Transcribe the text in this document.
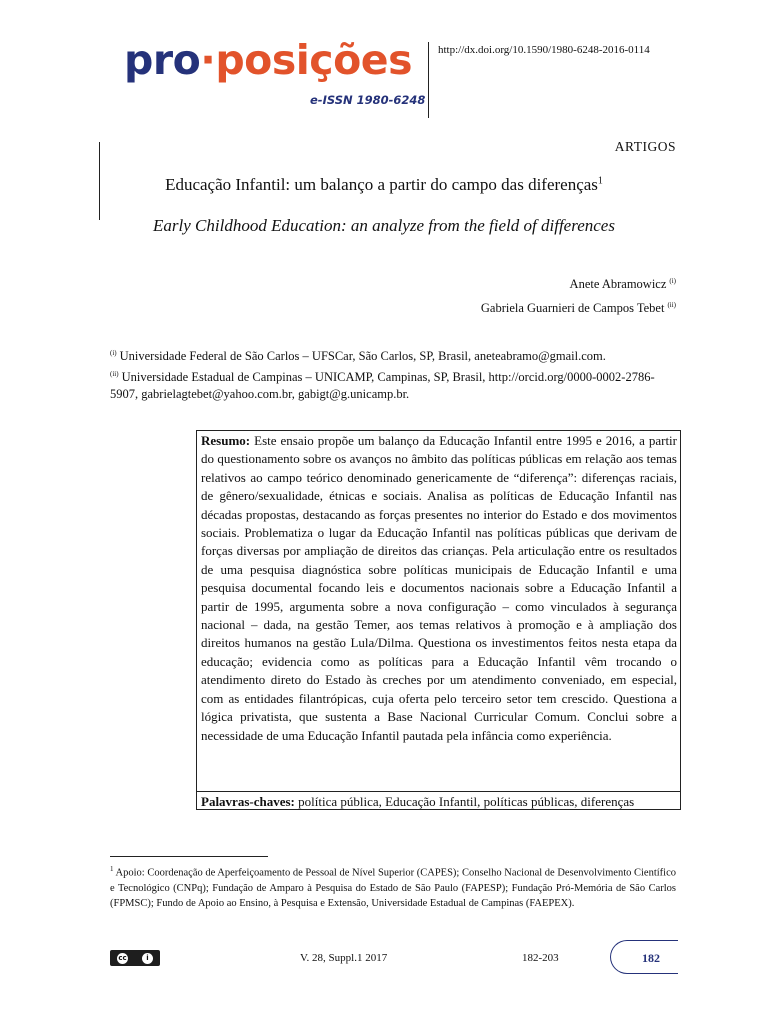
pro·posições
e-ISSN 1980-6248
http://dx.doi.org/10.1590/1980-6248-2016-0114
ARTIGOS
Educação Infantil: um balanço a partir do campo das diferenças$^1$
Early Childhood Education: an analyze from the field of differences
Anete Abramowicz $^{(i)}$
Gabriela Guarnieri de Campos Tebet $^{(ii)}$
$^{(i)}$ Universidade Federal de São Carlos – UFSCar, São Carlos, SP, Brasil, aneteabramo@gmail.com.
$^{(ii)}$ Universidade Estadual de Campinas – UNICAMP, Campinas, SP, Brasil, http://orcid.org/0000-0002-2786-5907, gabrielagtebet@yahoo.com.br, gabigt@g.unicamp.br.
Resumo: Este ensaio propõe um balanço da Educação Infantil entre 1995 e 2016, a partir do questionamento sobre os avanços no âmbito das políticas públicas em relação aos temas relativos ao campo teórico denominado genericamente de “diferença”: diferenças raciais, de gênero/sexualidade, étnicas e sociais. Analisa as políticas de Educação Infantil nas décadas propostas, destacando as forças presentes no interior do Estado e dos movimentos sociais. Problematiza o lugar da Educação Infantil nas políticas públicas que derivam de forças diversas por ampliação de direitos das crianças. Pela articulação entre os resultados de uma pesquisa diagnóstica sobre políticas municipais de Educação Infantil e uma pesquisa documental focando leis e documentos nacionais sobre a Educação Infantil a partir de 1995, argumenta sobre a nova configuração – como vinculados à segurança nacional – dada, na gestão Temer, aos temas relativos à promoção e à ampliação dos direitos humanos na gestão Lula/Dilma. Questiona os investimentos feitos nesta etapa da educação; evidencia como as políticas para a Educação Infantil vêm trocando o atendimento direto do Estado às creches por um atendimento conveniado, em especial, com as entidades filantrópicas, cuja oferta pelo terceiro setor tem crescido. Questiona a lógica privatista, que sustenta a Base Nacional Curricular Comum. Conclui sobre a necessidade de uma Educação Infantil pautada pela infância como experiência.
Palavras-chaves: política pública, Educação Infantil, políticas públicas, diferenças
$^1$ Apoio: Coordenação de Aperfeiçoamento de Pessoal de Nível Superior (CAPES); Conselho Nacional de Desenvolvimento Científico e Tecnológico (CNPq); Fundação de Amparo à Pesquisa do Estado de São Paulo (FAPESP); Fundação Pró-Memória de São Carlos (FPMSC); Fundo de Apoio ao Ensino, à Pesquisa e Extensão, Universidade Estadual de Campinas (FAEPEX).
cc	i	V. 28, Suppl.1 2017	182-203	182
